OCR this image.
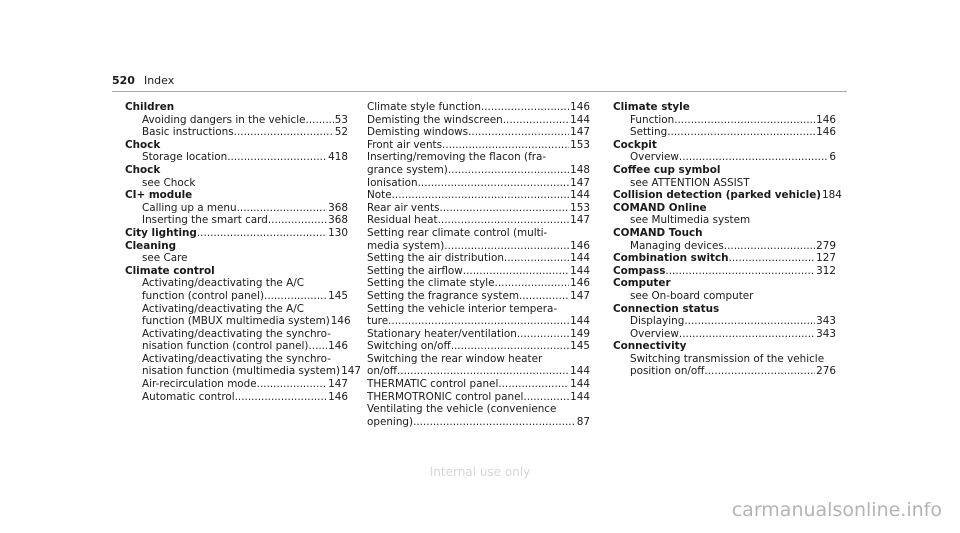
520 Index
Children
Avoiding dangers in the vehicle .....	53
Basic instructions .....	52
Chock
Storage location .....	418
Chock
see Chock
CI+ module
Calling up a menu .....	368
Inserting the smart card .....	368
City lighting .....	130
Cleaning
see Care
Climate control
Activating/deactivating the A/C
function (control panel) .....	145
Activating/deactivating the A/C
function (MBUX multimedia system) 146
Activating/deactivating the synchro-
nisation function (control panel) ..... 146
Activating/deactivating the synchro-
nisation function (multimedia system) 147
Air-recirculation mode .....	147
Automatic control .....	146
Climate style function .....	146
Demisting the windscreen .....	144
Demisting windows .....	147
Front air vents .....	153
Inserting/removing the flacon (fra-
grance system) .....	148
Ionisation .....	147
Note .....	144
Rear air vents .....	153
Residual heat .....	147
Setting rear climate control (multi-
media system) .....	146
Setting the air distribution .....	144
Setting the airflow .....	144
Setting the climate style .....	146
Setting the fragrance system .....	147
Setting the vehicle interior tempera-
ture .....	144
Stationary heater/ventilation .....	149
Switching on/off .....	145
Switching the rear window heater
on/off .....	144
THERMATIC control panel .....	144
THERMOTRONIC control panel .....	144
Ventilating the vehicle (convenience
opening) .....	87
Climate style
Function .....	146
Setting .....	146
Cockpit
Overview .....	6
Coffee cup symbol
see ATTENTION ASSIST
Collision detection (parked vehicle) 184
COMAND Online
see Multimedia system
COMAND Touch
Managing devices .....	279
Combination switch .....	127
Compass .....	312
Computer
see On-board computer
Connection status
Displaying .....	343
Overview .....	343
Connectivity
Switching transmission of the vehicle
position on/off .....	276
Internal use only
carmanualsonline.info
